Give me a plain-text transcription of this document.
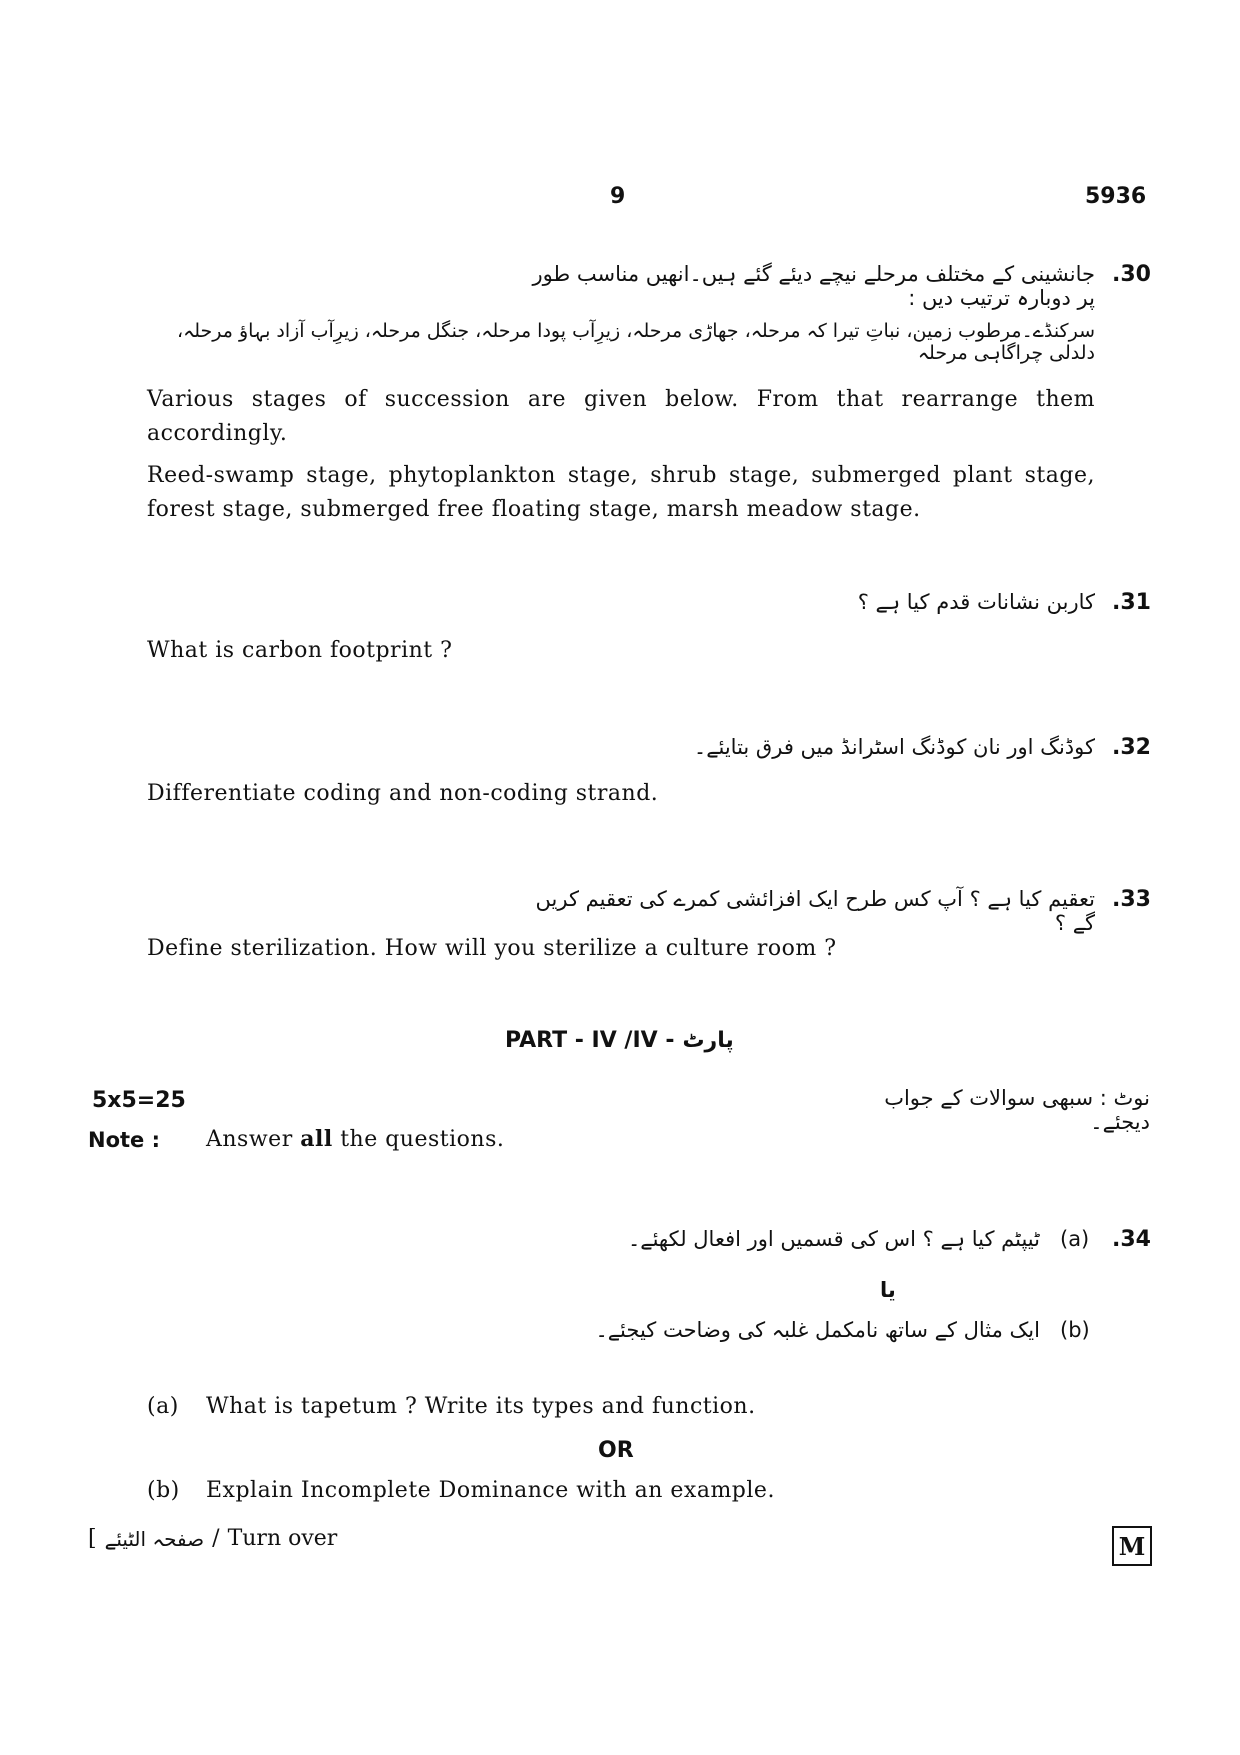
9	5936
.30
جانشینی کے مختلف مرحلے نیچے دیئے گئے ہیں۔انھیں مناسب طور پر دوبارہ ترتیب دیں :
سرکنڈے۔مرطوب زمین، نباتِ تیرا کہ مرحلہ، جھاڑی مرحلہ، زیرِآب پودا مرحلہ، جنگل مرحلہ، زیرِآب آزاد بہاؤ مرحلہ، دلدلی چراگاہی مرحلہ
Various stages of succession are given below. From that rearrange them accordingly.
Reed-swamp stage, phytoplankton stage, shrub stage, submerged plant stage, forest stage, submerged free floating stage, marsh meadow stage.
.31
کاربن نشانات قدم کیا ہے ؟
What is carbon footprint ?
.32
کوڈنگ اور نان کوڈنگ اسٹرانڈ میں فرق بتایئے۔
Differentiate coding and non-coding strand.
.33
تعقیم کیا ہے ؟ آپ کس طرح ایک افزائشی کمرے کی تعقیم کریں گے ؟
Define sterilization. How will you sterilize a culture room ?
PART - IV /IV - پارٹ
5x5=25	نوٹ : سبھی سوالات کے جواب دیجئے۔
Note : Answer all the questions.
.34
(a)
ٹیپٹم کیا ہے ؟ اس کی قسمیں اور افعال لکھئے۔
یا
(b)
ایک مثال کے ساتھ نامکمل غلبہ کی وضاحت کیجئے۔
(a) What is tapetum ? Write its types and function.
OR
(b) Explain Incomplete Dominance with an example.
[ صفحہ الٹیئے / Turn over	M
